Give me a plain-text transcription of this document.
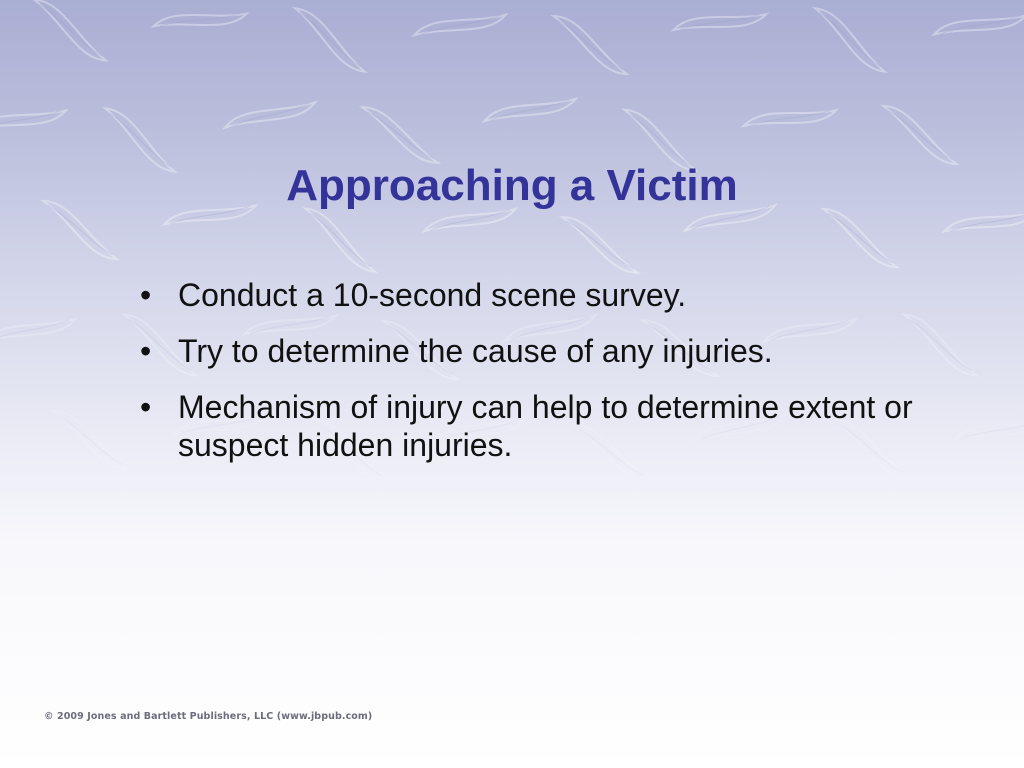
Approaching a Victim
• Conduct a 10-second scene survey.
• Try to determine the cause of any injuries.
• Mechanism of injury can help to determine extent or suspect hidden injuries.
© 2009 Jones and Bartlett Publishers, LLC (www.jbpub.com)
